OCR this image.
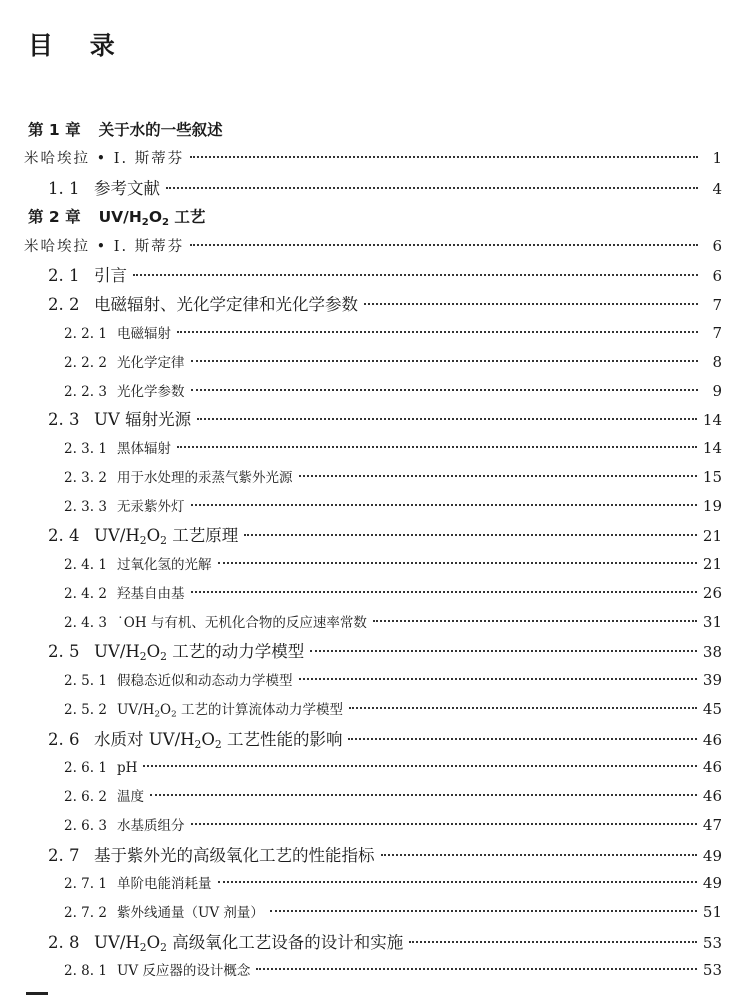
目 录
第 1 章 关于水的一些叙述
米哈埃拉 • I. 斯蒂芬	1
1. 1 参考文献	4
第 2 章 $UV/H_2O_2$ 工艺
米哈埃拉 • I. 斯蒂芬	6
2. 1 引言	6
2. 2 电磁辐射、光化学定律和光化学参数	7
2. 2. 1 电磁辐射	7
2. 2. 2 光化学定律	8
2. 2. 3 光化学参数	9
2. 3 UV 辐射光源	14
2. 3. 1 黑体辐射	14
2. 3. 2 用于水处理的汞蒸气紫外光源	15
2. 3. 3 无汞紫外灯	19
2. 4 $UV/H_2O_2$ 工艺原理	21
2. 4. 1 过氧化氢的光解	21
2. 4. 2 羟基自由基	26
2. 4. 3 ˙OH 与有机、无机化合物的反应速率常数	31
2. 5 $UV/H_2O_2$ 工艺的动力学模型	38
2. 5. 1 假稳态近似和动态动力学模型	39
2. 5. 2 $UV/H_2O_2$ 工艺的计算流体动力学模型	45
2. 6 水质对 $UV/H_2O_2$ 工艺性能的影响	46
2. 6. 1 pH	46
2. 6. 2 温度	46
2. 6. 3 水基质组分	47
2. 7 基于紫外光的高级氧化工艺的性能指标	49
2. 7. 1 单阶电能消耗量	49
2. 7. 2 紫外线通量（UV 剂量）	51
2. 8 $UV/H_2O_2$ 高级氧化工艺设备的设计和实施	53
2. 8. 1 UV 反应器的设计概念	53
